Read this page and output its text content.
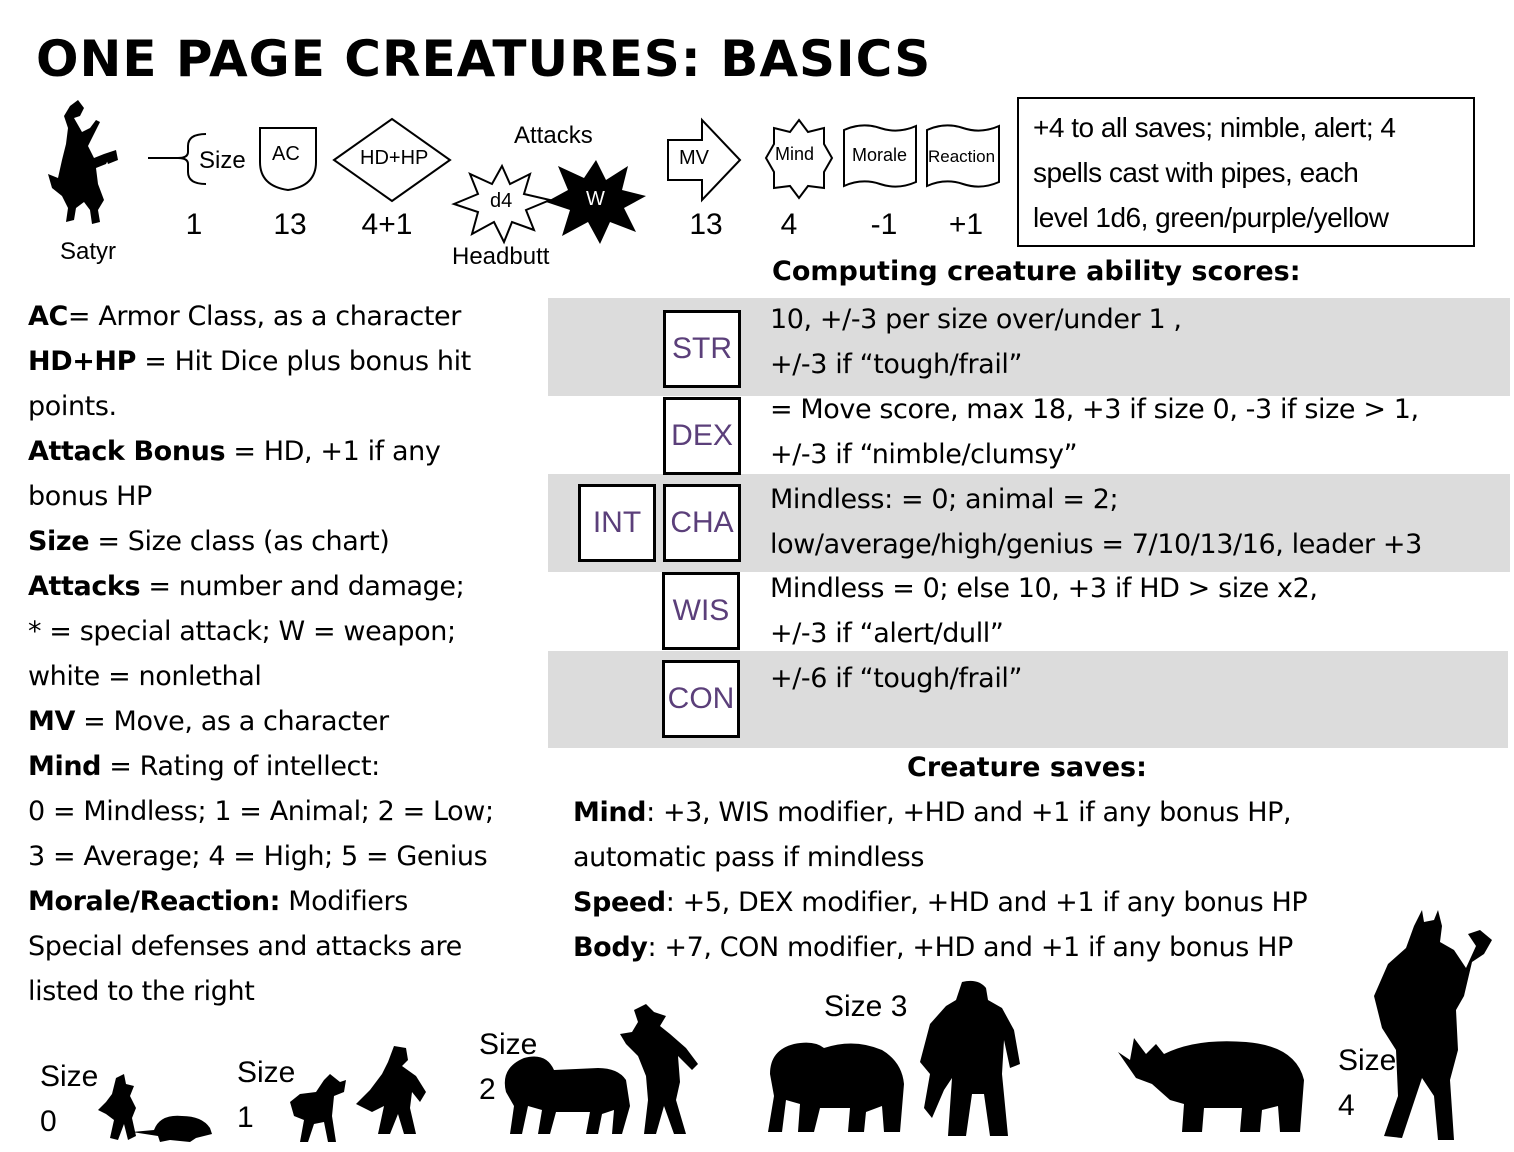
ONE PAGE CREATURES: BASICS
Satyr
Size
1
AC
13
HD+HP
4+1
Attacks
d4	W
Headbutt
MV
13
Mind
4
Morale
-1
Reaction
+1
+4 to all saves; nimble, alert; 4
spells cast with pipes, each
level 1d6, green/purple/yellow
AC= Armor Class, as a character
HD+HP = Hit Dice plus bonus hit
points.
Attack Bonus = HD, +1 if any
bonus HP
Size = Size class (as chart)
Attacks = number and damage;
* = special attack; W = weapon;
white = nonlethal
MV = Move, as a character
Mind = Rating of intellect:
0 = Mindless; 1 = Animal; 2 = Low;
3 = Average; 4 = High; 5 = Genius
Morale/Reaction: Modifiers
Special defenses and attacks are
listed to the right
Computing creature ability scores:
STR
DEX
INT CHA
WIS
CON
10, +/-3 per size over/under 1 ,
+/-3 if “tough/frail”
= Move score, max 18, +3 if size 0, -3 if size > 1,
+/-3 if “nimble/clumsy”
Mindless: = 0; animal = 2;
low/average/high/genius = 7/10/13/16, leader +3
Mindless = 0; else 10, +3 if HD > size x2,
+/-3 if “alert/dull”
+/-6 if “tough/frail”
Creature saves:
Mind: +3, WIS modifier, +HD and +1 if any bonus HP,
automatic pass if mindless
Speed: +5, DEX modifier, +HD and +1 if any bonus HP
Body: +7, CON modifier, +HD and +1 if any bonus HP
Size
0
Size
1
Size
2
Size 3
Size
4
